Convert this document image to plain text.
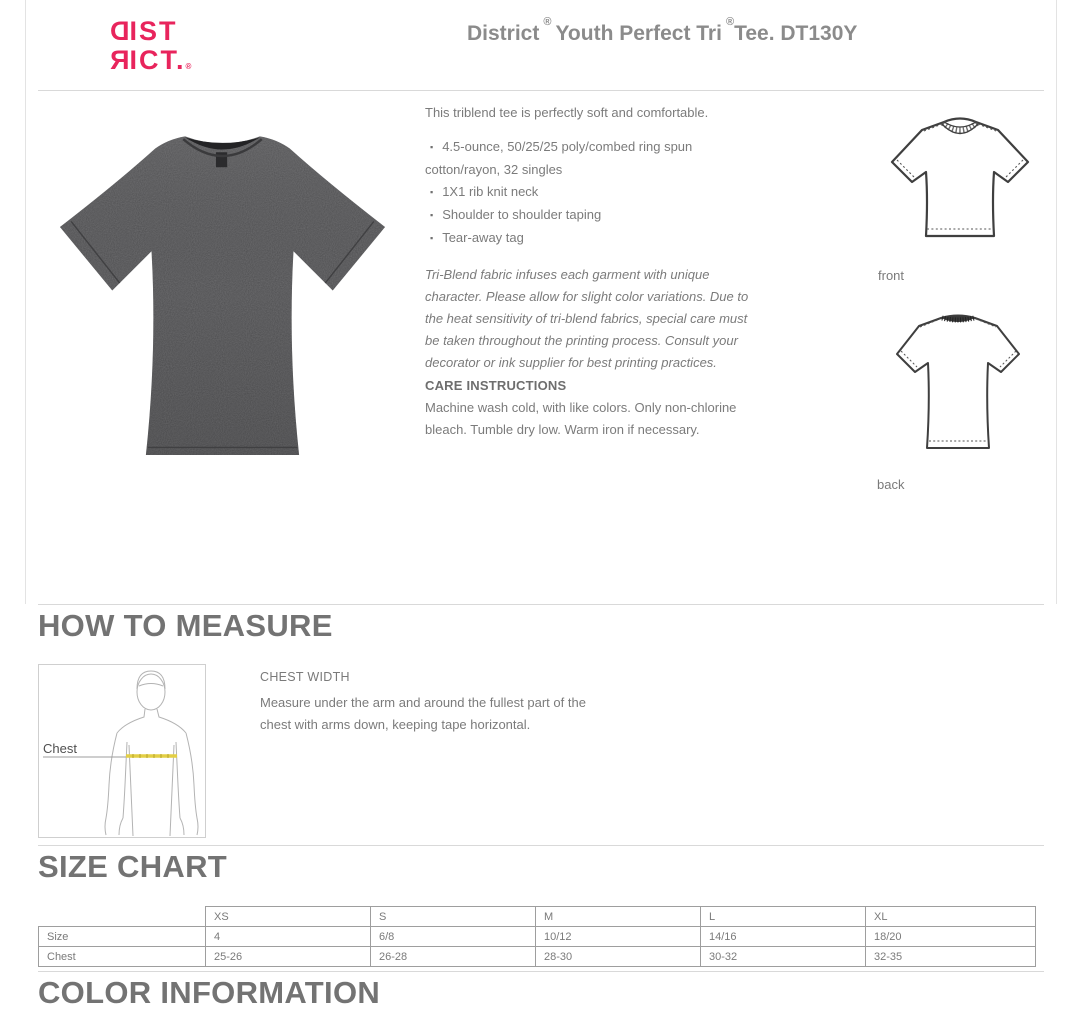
DIST
RICT.®
District ® Youth Perfect Tri ®Tee. DT130Y

This triblend tee is perfectly soft and comfortable.

▪ 4.5-ounce, 50/25/25 poly/combed ring spun cotton/rayon, 32 singles
▪ 1X1 rib knit neck
▪ Shoulder to shoulder taping
▪ Tear-away tag

Tri-Blend fabric infuses each garment with unique character. Please allow for slight color variations. Due to the heat sensitivity of tri-blend fabrics, special care must be taken throughout the printing process. Consult your decorator or ink supplier for best printing practices.

CARE INSTRUCTIONS

Machine wash cold, with like colors. Only non-chlorine bleach. Tumble dry low. Warm iron if necessary.

front
back
HOW TO MEASURE
Chest

CHEST WIDTH

Measure under the arm and around the fullest part of the chest with arms down, keeping tape horizontal.

SIZE CHART
	XS	S	M	L	XL
Size	4	6/8	10/12	14/16	18/20
Chest	25-26	26-28	28-30	30-32	32-35
COLOR INFORMATION
